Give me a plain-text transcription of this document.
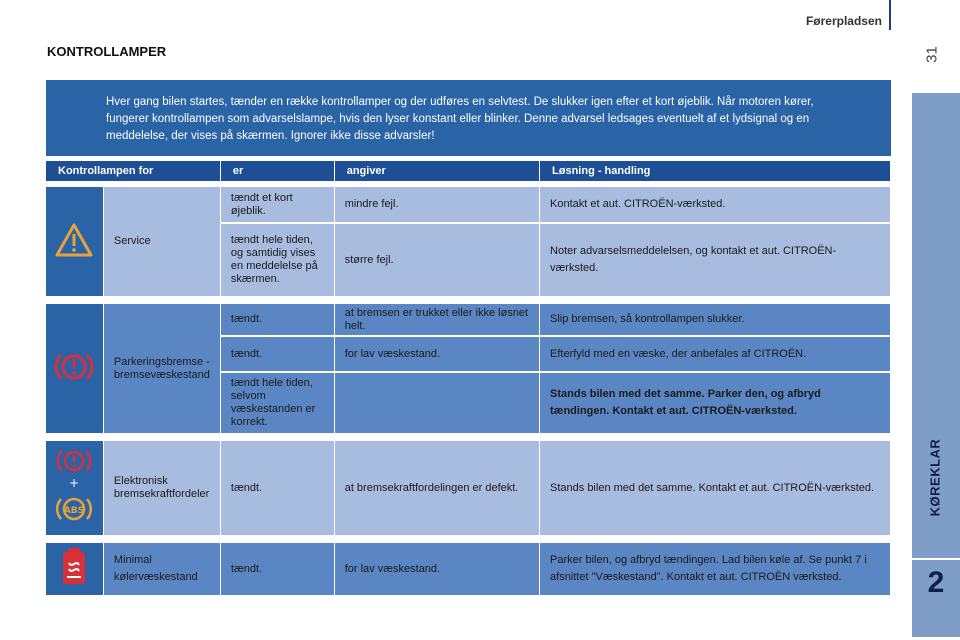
Førerpladsen
31
KØREKLAR
2
KONTROLLAMPER

Hver gang bilen startes, tænder en række kontrollamper og der udføres en selvtest. De slukker igen efter et kort øjeblik. Når motoren kører, fungerer kontrollampen som advarselslampe, hvis den lyser konstant eller blinker. Denne advarsel ledsages eventuelt af et lydsignal og en meddelelse, der vises på skærmen. Ignorer ikke disse advarsler!

Kontrollampen for		er	angiver	Løsning - handling

	Service	tændt et kort øjeblik.	mindre fejl.	Kontakt et aut. CITROËN-værksted.
		tændt hele tiden, og samtidig vises en meddelelse på skærmen.	større fejl.	Noter advarselsmeddelelsen, og kontakt et aut. CITROËN-værksted.

	Parkeringsbremse - bremsevæskestand	tændt.	at bremsen er trukket eller ikke løsnet helt.	Slip bremsen, så kontrollampen slukker.
		tændt.	for lav væskestand.	Efterfyld med en væske, der anbefales af CITROËN.
		tændt hele tiden, selvom væskestanden er korrekt.		Stands bilen med det samme. Parker den, og afbryd tændingen. Kontakt et aut. CITROËN-værksted.

+
ABS	Elektronisk bremsekraftfordeler	tændt.	at bremsekraftfordelingen er defekt.	Stands bilen med det samme. Kontakt et aut. CITROËN-værksted.

	Minimal kølervæskestand	tændt.	for lav væskestand.	Parker bilen, og afbryd tændingen. Lad bilen køle af. Se punkt 7 i afsnittet "Væskestand". Kontakt et aut. CITROËN værksted.
